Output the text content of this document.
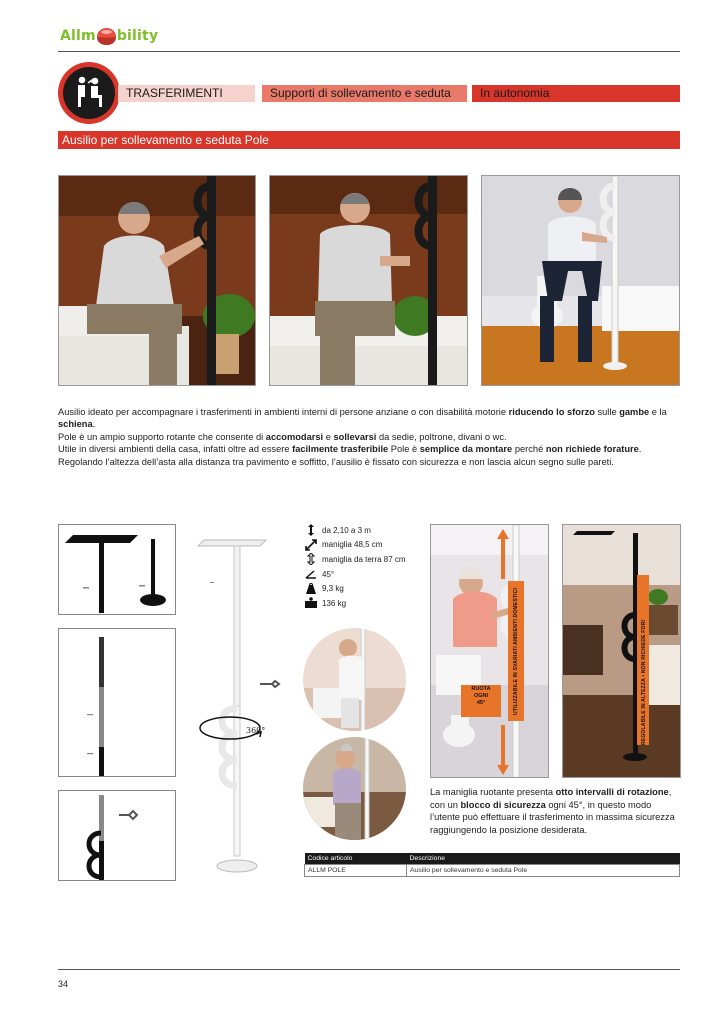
Allm bility
TRASFERIMENTI	Supporti di sollevamento e seduta	In autonomia
Ausilio per sollevamento e seduta Pole

Ausilio ideato per accompagnare i trasferimenti in ambienti interni di persone anziane o con disabilità motorie riducendo lo sforzo sulle gambe e la schiena.

Pole è un ampio supporto rotante che consente di accomodarsi e sollevarsi da sedie, poltrone, divani o wc.

Utile in diversi ambienti della casa, infatti oltre ad essere facilmente trasferibile Pole è semplice da montare perché non richiede forature. Regolando l’altezza dell’asta alla distanza tra pavimento e soffitto, l’ausilio è fissato con sicurezza e non lascia alcun segno sulle pareti.

360°
da 2,10 a 3 m
maniglia 48,5 cm
maniglia da terra 87 cm
45°
9,3 kg
136 kg	UTILIZZABILE IN SVARIATI AMBIENTI DOMESTICI
RUOTA
OGNI
45°	REGOLABILE IN ALTEZZA • NON RICHIEDE FORI
La maniglia ruotante presenta otto intervalli di rotazione, con un blocco di sicurezza ogni 45°, in questo modo l’utente può effettuare il trasferimento in massima sicurezza raggiungendo la posizione desiderata.
Codice articolo	Descrizione
ALLM POLE	Ausilio per sollevamento e seduta Pole
34
